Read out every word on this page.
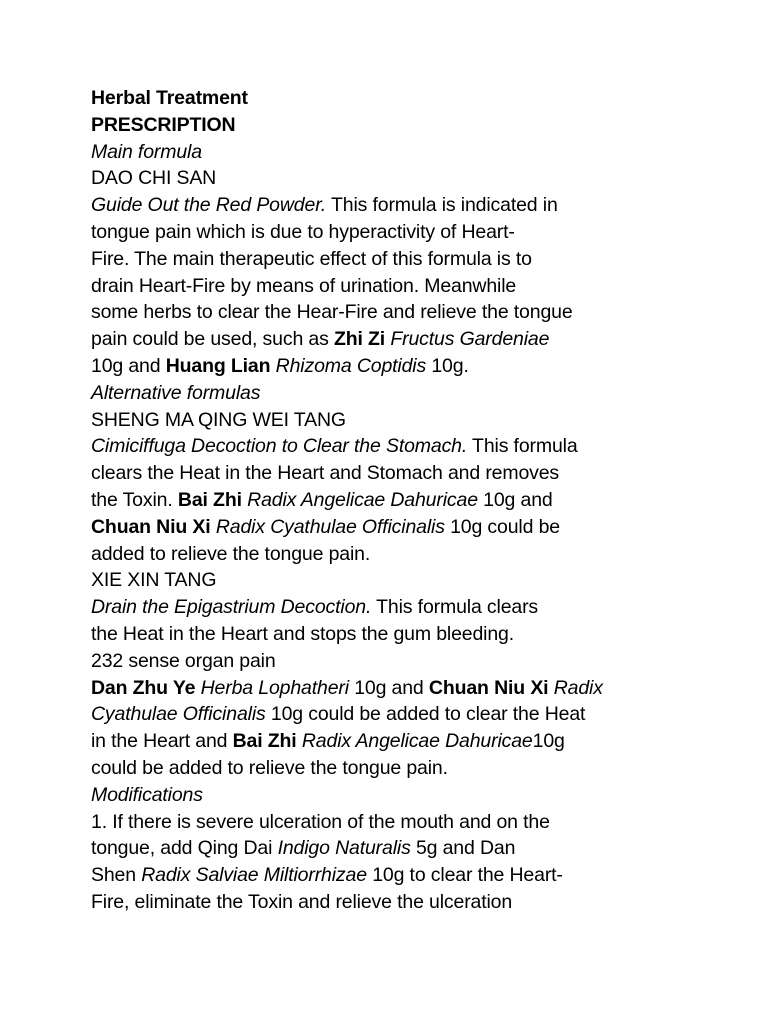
Herbal Treatment
PRESCRIPTION
Main formula
DAO CHI SAN
Guide Out the Red Powder. This formula is indicated in
tongue pain which is due to hyperactivity of Heart-
Fire. The main therapeutic effect of this formula is to
drain Heart-Fire by means of urination. Meanwhile
some herbs to clear the Hear-Fire and relieve the tongue
pain could be used, such as Zhi Zi Fructus Gardeniae
10g and Huang Lian Rhizoma Coptidis 10g.
Alternative formulas
SHENG MA QING WEI TANG
Cimiciffuga Decoction to Clear the Stomach. This formula
clears the Heat in the Heart and Stomach and removes
the Toxin. Bai Zhi Radix Angelicae Dahuricae 10g and
Chuan Niu Xi Radix Cyathulae Officinalis 10g could be
added to relieve the tongue pain.
XIE XIN TANG
Drain the Epigastrium Decoction. This formula clears
the Heat in the Heart and stops the gum bleeding.
232 sense organ pain
Dan Zhu Ye Herba Lophatheri 10g and Chuan Niu Xi Radix
Cyathulae Officinalis 10g could be added to clear the Heat
in the Heart and Bai Zhi Radix Angelicae Dahuricae10g
could be added to relieve the tongue pain.
Modifications
1. If there is severe ulceration of the mouth and on the
tongue, add Qing Dai Indigo Naturalis 5g and Dan
Shen Radix Salviae Miltiorrhizae 10g to clear the Heart-
Fire, eliminate the Toxin and relieve the ulceration
